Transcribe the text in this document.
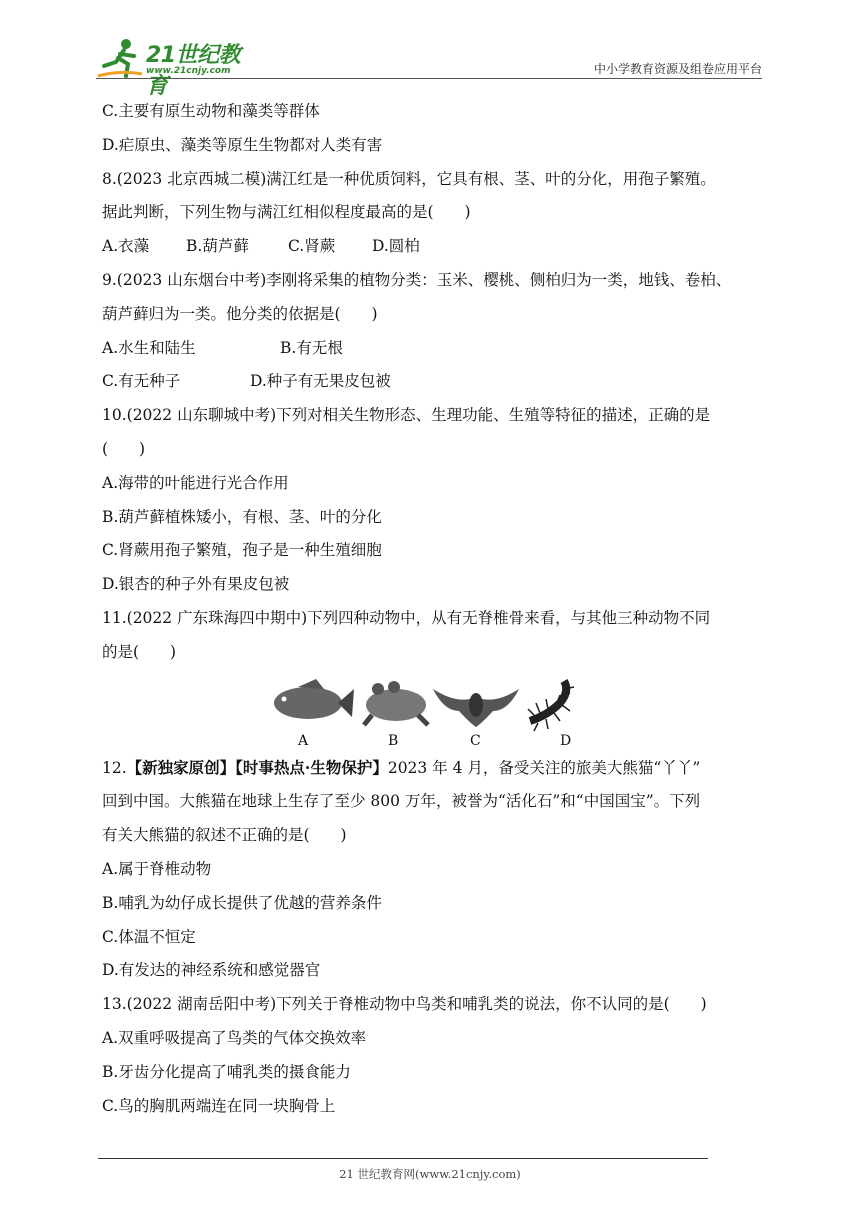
21世纪教育
www.21cnjy.com	中小学教育资源及组卷应用平台
C.主要有原生动物和藻类等群体
D.疟原虫、藻类等原生生物都对人类有害
8.(2023 北京西城二模)满江红是一种优质饲料，它具有根、茎、叶的分化，用孢子繁殖。
据此判断，下列生物与满江红相似程度最高的是(　　)
A.衣藻 B.葫芦藓	C.肾蕨 D.圆柏
9.(2023 山东烟台中考)李刚将采集的植物分类：玉米、樱桃、侧柏归为一类，地钱、卷柏、
葫芦藓归为一类。他分类的依据是(　　)
A.水生和陆生	B.有无根
C.有无种子	D.种子有无果皮包被
10.(2022 山东聊城中考)下列对相关生物形态、生理功能、生殖等特征的描述，正确的是
(　　)
A.海带的叶能进行光合作用
B.葫芦藓植株矮小，有根、茎、叶的分化
C.肾蕨用孢子繁殖，孢子是一种生殖细胞
D.银杏的种子外有果皮包被
11.(2022 广东珠海四中期中)下列四种动物中，从有无脊椎骨来看，与其他三种动物不同
的是(　　)
A	B	C	D
12.【新独家原创】【时事热点·生物保护】2023 年 4 月，备受关注的旅美大熊猫“丫丫”
回到中国。大熊猫在地球上生存了至少 800 万年，被誉为“活化石”和“中国国宝”。下列
有关大熊猫的叙述不正确的是(　　)
A.属于脊椎动物
B.哺乳为幼仔成长提供了优越的营养条件
C.体温不恒定
D.有发达的神经系统和感觉器官
13.(2022 湖南岳阳中考)下列关于脊椎动物中鸟类和哺乳类的说法，你不认同的是(　　)
A.双重呼吸提高了鸟类的气体交换效率
B.牙齿分化提高了哺乳类的摄食能力
C.鸟的胸肌两端连在同一块胸骨上
21 世纪教育网(www.21cnjy.com)
